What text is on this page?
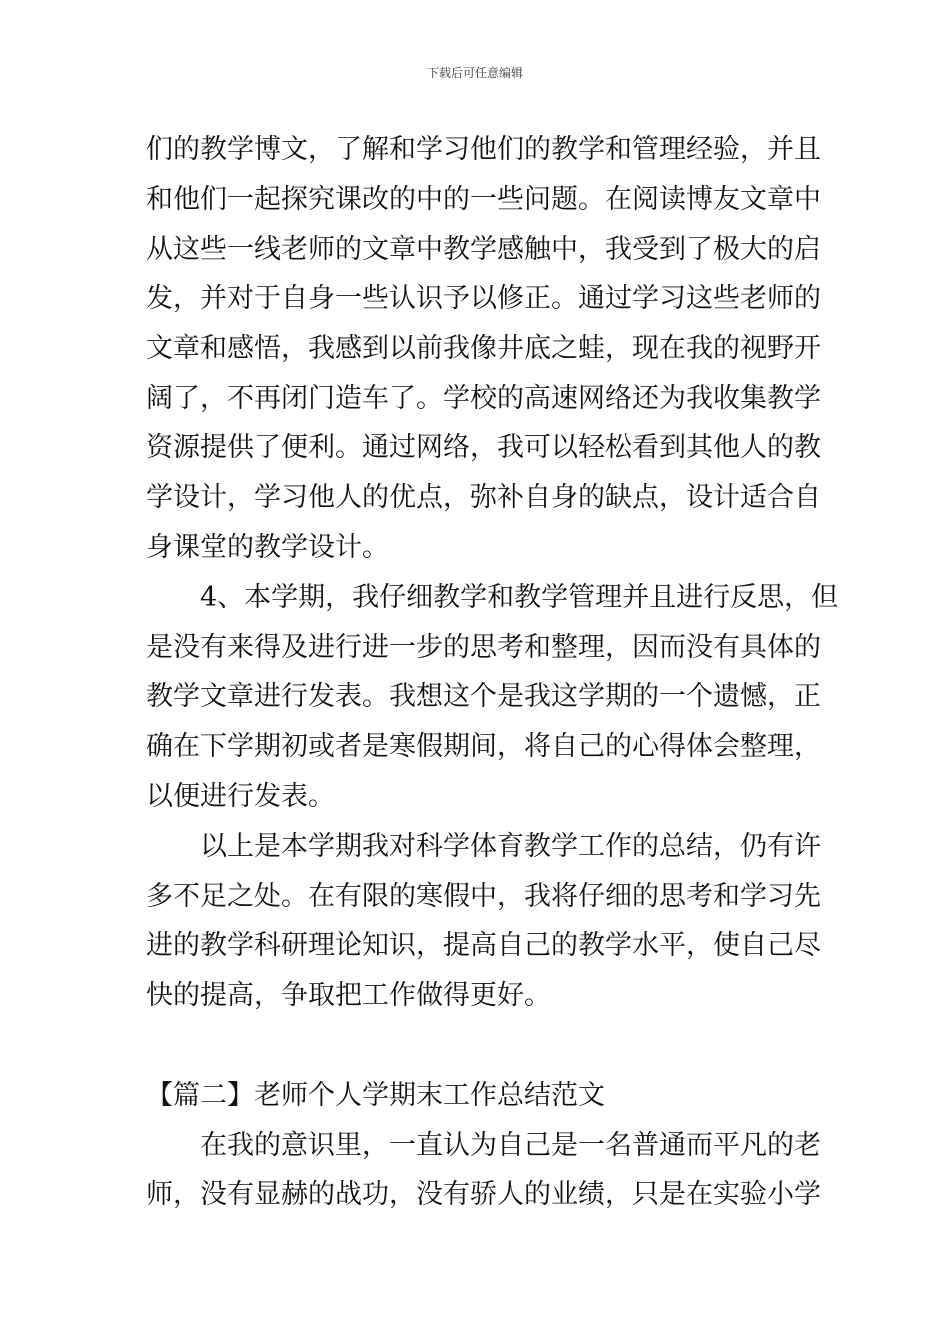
下载后可任意编辑
们的教学博文，了解和学习他们的教学和管理经验，并且
和他们一起探究课改的中的一些问题。在阅读博友文章中
从这些一线老师的文章中教学感触中，我受到了极大的启
发，并对于自身一些认识予以修正。通过学习这些老师的
文章和感悟，我感到以前我像井底之蛙，现在我的视野开
阔了，不再闭门造车了。学校的高速网络还为我收集教学
资源提供了便利。通过网络，我可以轻松看到其他人的教
学设计，学习他人的优点，弥补自身的缺点，设计适合自
身课堂的教学设计。
4、本学期，我仔细教学和教学管理并且进行反思，但
是没有来得及进行进一步的思考和整理，因而没有具体的
教学文章进行发表。我想这个是我这学期的一个遗憾，正
确在下学期初或者是寒假期间，将自己的心得体会整理，
以便进行发表。
以上是本学期我对科学体育教学工作的总结，仍有许
多不足之处。在有限的寒假中，我将仔细的思考和学习先
进的教学科研理论知识，提高自己的教学水平，使自己尽
快的提高，争取把工作做得更好。
【篇二】老师个人学期末工作总结范文
在我的意识里，一直认为自己是一名普通而平凡的老
师，没有显赫的战功，没有骄人的业绩，只是在实验小学
